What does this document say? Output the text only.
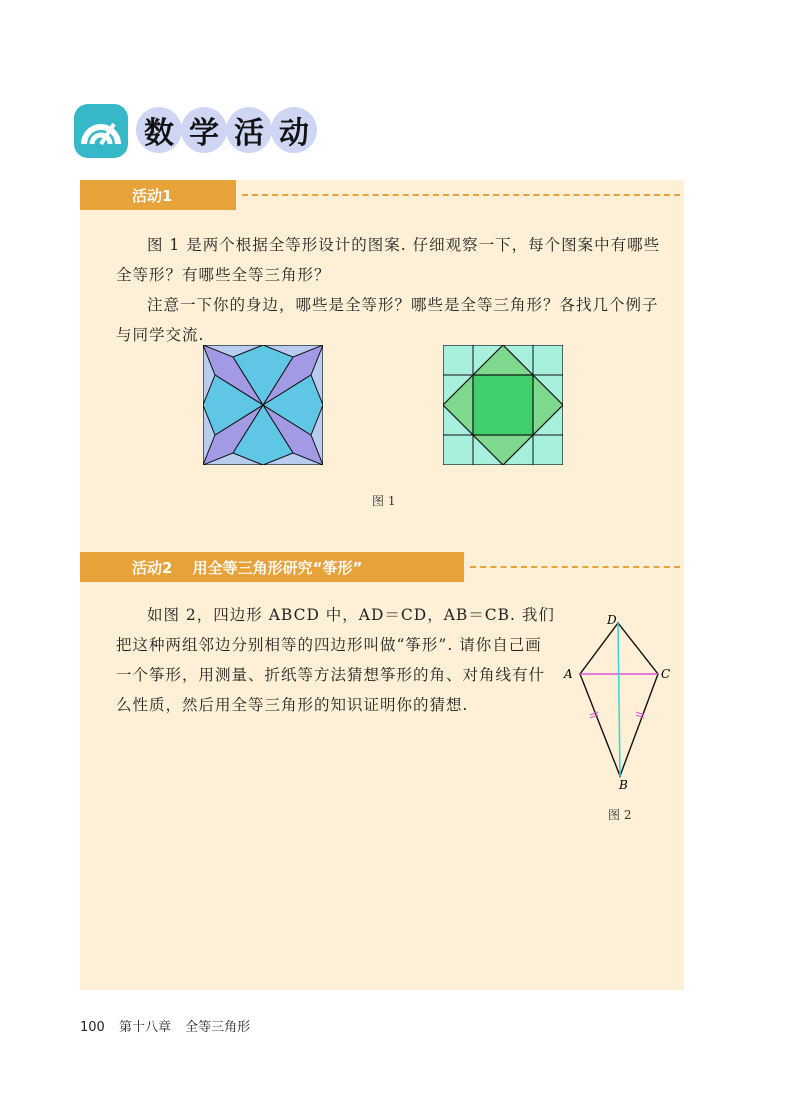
数 学 活 动
活动1

图 1 是两个根据全等形设计的图案. 仔细观察一下，每个图案中有哪些全等形？有哪些全等三角形？

注意一下你的身边，哪些是全等形？哪些是全等三角形？各找几个例子与同学交流.

图 1
活动2　 用全等三角形研究“筝形”

如图 2，四边形 ABCD 中，AD＝CD，AB＝CB. 我们把这种两组邻边分别相等的四边形叫做“筝形”. 请你自己画一个筝形，用测量、折纸等方法猜想筝形的角、对角线有什么性质，然后用全等三角形的知识证明你的猜想.

D
A	C
B
图 2
100 第十八章 全等三角形
